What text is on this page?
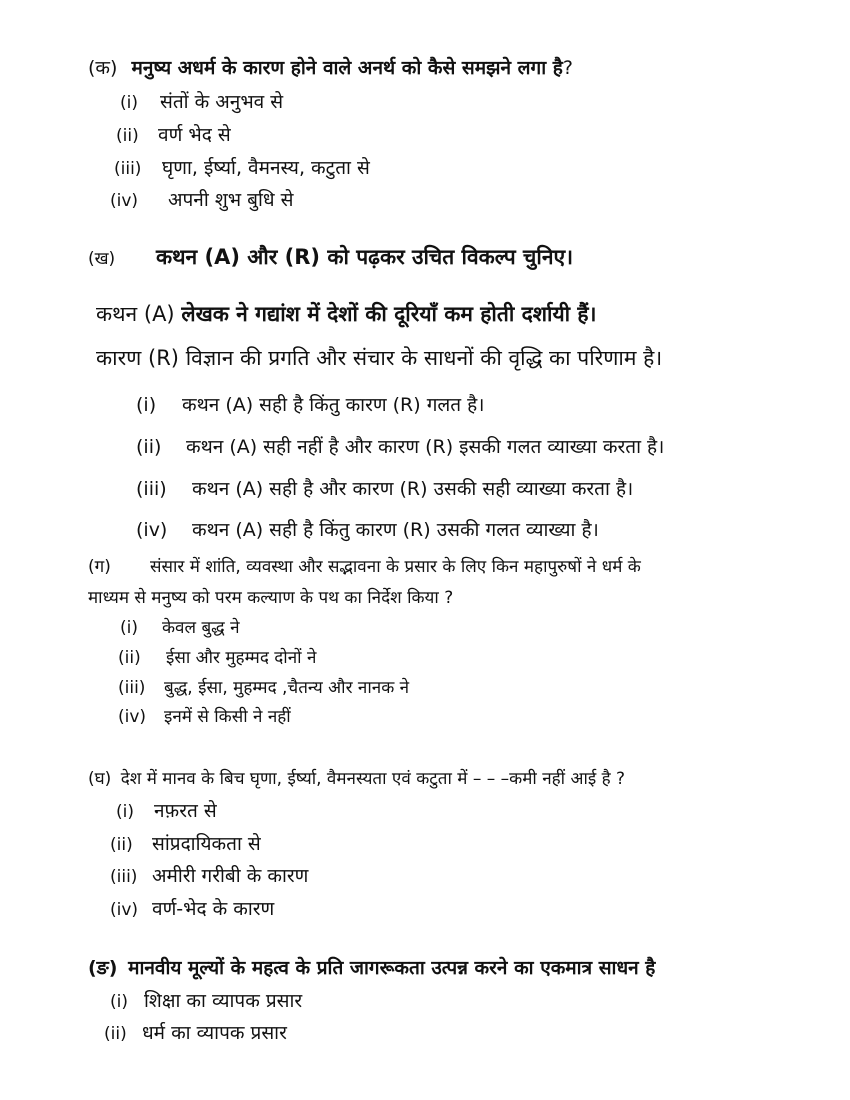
(क) मनुष्य अधर्म के कारण होने वाले अनर्थ को कैसे समझने लगा है?
(i) संतों के अनुभव से
(ii) वर्ण भेद से
(iii) घृणा, ईर्ष्या, वैमनस्य, कटुता से
(iv) अपनी शुभ बुधि से
(ख) कथन (A) और (R) को पढ़कर उचित विकल्प चुनिए।
कथन (A) लेखक ने गद्यांश में देशों की दूरियाँ कम होती दर्शायी हैं।
कारण (R) विज्ञान की प्रगति और संचार के साधनों की वृद्धि का परिणाम है।
(i) कथन (A) सही है किंतु कारण (R) गलत है।
(ii) कथन (A) सही नहीं है और कारण (R) इसकी गलत व्याख्या करता है।
(iii) कथन (A) सही है और कारण (R) उसकी सही व्याख्या करता है।
(iv) कथन (A) सही है किंतु कारण (R) उसकी गलत व्याख्या है।
(ग) संसार में शांति, व्यवस्था और सद्भावना के प्रसार के लिए किन महापुरुषों ने धर्म के
माध्यम से मनुष्य को परम कल्याण के पथ का निर्देश किया ?
(i) केवल बुद्ध ने
(ii) ईसा और मुहम्मद दोनों ने
(iii) बुद्ध, ईसा, मुहम्मद ,चैतन्य और नानक ने
(iv) इनमें से किसी ने नहीं
(घ) देश में मानव के बिच घृणा, ईर्ष्या, वैमनस्यता एवं कटुता में – – –कमी नहीं आई है ?
(i) नफ़रत से
(ii) सांप्रदायिकता से
(iii) अमीरी गरीबी के कारण
(iv) वर्ण-भेद के कारण
(ङ) मानवीय मूल्यों के महत्व के प्रति जागरूकता उत्पन्न करने का एकमात्र साधन है
(i) शिक्षा का व्यापक प्रसार
(ii) धर्म का व्यापक प्रसार
